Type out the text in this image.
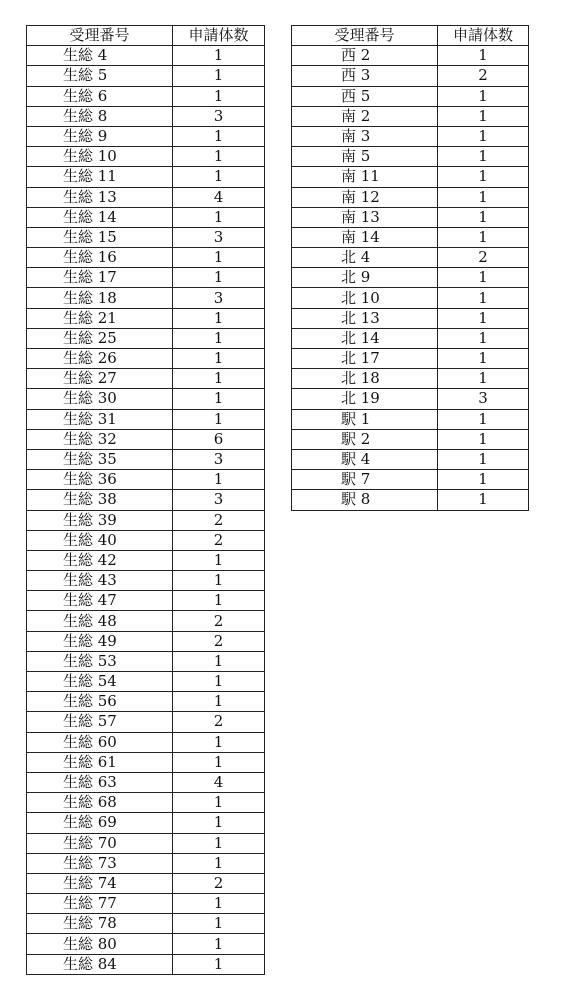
受理番号	申請体数
生総 4	1
生総 5	1
生総 6	1
生総 8	3
生総 9	1
生総 10	1
生総 11	1
生総 13	4
生総 14	1
生総 15	3
生総 16	1
生総 17	1
生総 18	3
生総 21	1
生総 25	1
生総 26	1
生総 27	1
生総 30	1
生総 31	1
生総 32	6
生総 35	3
生総 36	1
生総 38	3
生総 39	2
生総 40	2
生総 42	1
生総 43	1
生総 47	1
生総 48	2
生総 49	2
生総 53	1
生総 54	1
生総 56	1
生総 57	2
生総 60	1
生総 61	1
生総 63	4
生総 68	1
生総 69	1
生総 70	1
生総 73	1
生総 74	2
生総 77	1
生総 78	1
生総 80	1
生総 84	1
受理番号	申請体数
西 2	1
西 3	2
西 5	1
南 2	1
南 3	1
南 5	1
南 11	1
南 12	1
南 13	1
南 14	1
北 4	2
北 9	1
北 10	1
北 13	1
北 14	1
北 17	1
北 18	1
北 19	3
駅 1	1
駅 2	1
駅 4	1
駅 7	1
駅 8	1
